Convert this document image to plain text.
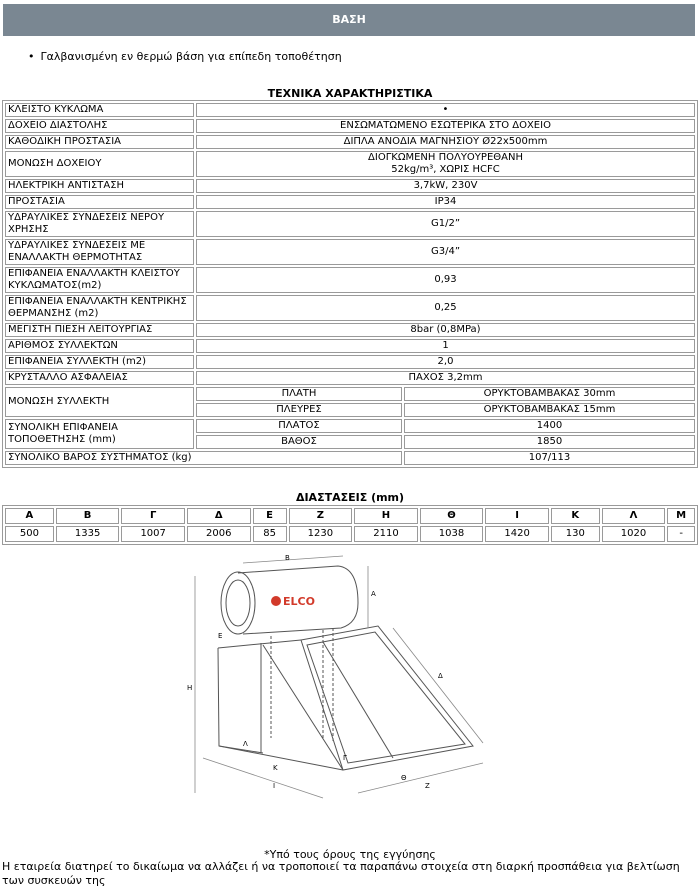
ΒΑΣΗ
• Γαλβανισμένη εν θερμώ βάση για επίπεδη τοποθέτηση
ΤΕΧΝΙΚΑ ΧΑΡΑΚΤΗΡΙΣΤΙΚΑ
ΚΛΕΙΣΤΟ ΚΥΚΛΩΜΑ	•	
ΔΟΧΕΙΟ ΔΙΑΣΤΟΛΗΣ	ΕΝΣΩΜΑΤΩΜΕΝΟ ΕΣΩΤΕΡΙΚΑ ΣΤΟ ΔΟΧΕΙΟ	
ΚΑΘΟΔΙΚΗ ΠΡΟΣΤΑΣΙΑ	ΔΙΠΛΑ ΑΝΟΔΙΑ ΜΑΓΝΗΣΙΟΥ Ø22x500mm	
ΜΟΝΩΣΗ ΔΟΧΕΙΟΥ	ΔΙΟΓΚΩΜΕΝΗ ΠΟΛΥΟΥΡΕΘΑΝΗ
52kg/m³, ΧΩΡΙΣ HCFC	

ΗΛΕΚΤΡΙΚΗ ΑΝΤΙΣΤΑΣΗ	3,7kW, 230V	
ΠΡΟΣΤΑΣΙΑ	IP34	
ΥΔΡΑΥΛΙΚΕΣ ΣΥΝΔΕΣΕΙΣ ΝΕΡΟΥ ΧΡΗΣΗΣ	G1/2”	
ΥΔΡΑΥΛΙΚΕΣ ΣΥΝΔΕΣΕΙΣ ΜΕ ΕΝΑΛΛΑΚΤΗ ΘΕΡΜΟΤΗΤΑΣ	G3/4”	
ΕΠΙΦΑΝΕΙΑ ΕΝΑΛΛΑΚΤΗ ΚΛΕΙΣΤΟΥ ΚΥΚΛΩΜΑΤΟΣ(m2)	0,93	
ΕΠΙΦΑΝΕΙΑ ΕΝΑΛΛΑΚΤΗ ΚΕΝΤΡΙΚΗΣ ΘΕΡΜΑΝΣΗΣ (m2)	0,25	
ΜΕΓΙΣΤΗ ΠΙΕΣΗ ΛΕΙΤΟΥΡΓΙΑΣ	8bar (0,8MPa)	
ΑΡΙΘΜΟΣ ΣΥΛΛΕΚΤΩΝ	1	
ΕΠΙΦΑΝΕΙΑ ΣΥΛΛΕΚΤΗ (m2)	2,0	
ΚΡΥΣΤΑΛΛΟ ΑΣΦΑΛΕΙΑΣ	ΠΑΧΟΣ 3,2mm	
ΜΟΝΩΣΗ ΣΥΛΛΕΚΤΗ	ΠΛΑΤΗ	ΟΡΥΚΤΟΒΑΜΒΑΚΑΣ 30mm
	ΠΛΕΥΡΕΣ	ΟΡΥΚΤΟΒΑΜΒΑΚΑΣ 15mm
ΣΥΝΟΛΙΚΗ ΕΠΙΦΑΝΕΙΑ ΤΟΠΟΘΕΤΗΣΗΣ (mm)	ΠΛΑΤΟΣ	1400
	ΒΑΘΟΣ	1850
ΣΥΝΟΛΙΚΟ ΒΑΡΟΣ ΣΥΣΤΗΜΑΤΟΣ (kg)		107/113
ΔΙΑΣΤΑΣΕΙΣ (mm)
Α	Β	Γ	Δ	Ε	Ζ	Η	Θ	Ι	Κ	Λ	Μ
500	1335	1007	2006	85	1230	2110	1038	1420	130	1020	-
ELCO
Β
Α
Ε
Η
Δ
Λ
Γ
Κ
Ι
Θ
Ζ
*Υπό τους όρους της εγγύησης
Η εταιρεία διατηρεί το δικαίωμα να αλλάζει ή να τροποποιεί τα παραπάνω στοιχεία στη διαρκή προσπάθεια για βελτίωση των συσκευών της
